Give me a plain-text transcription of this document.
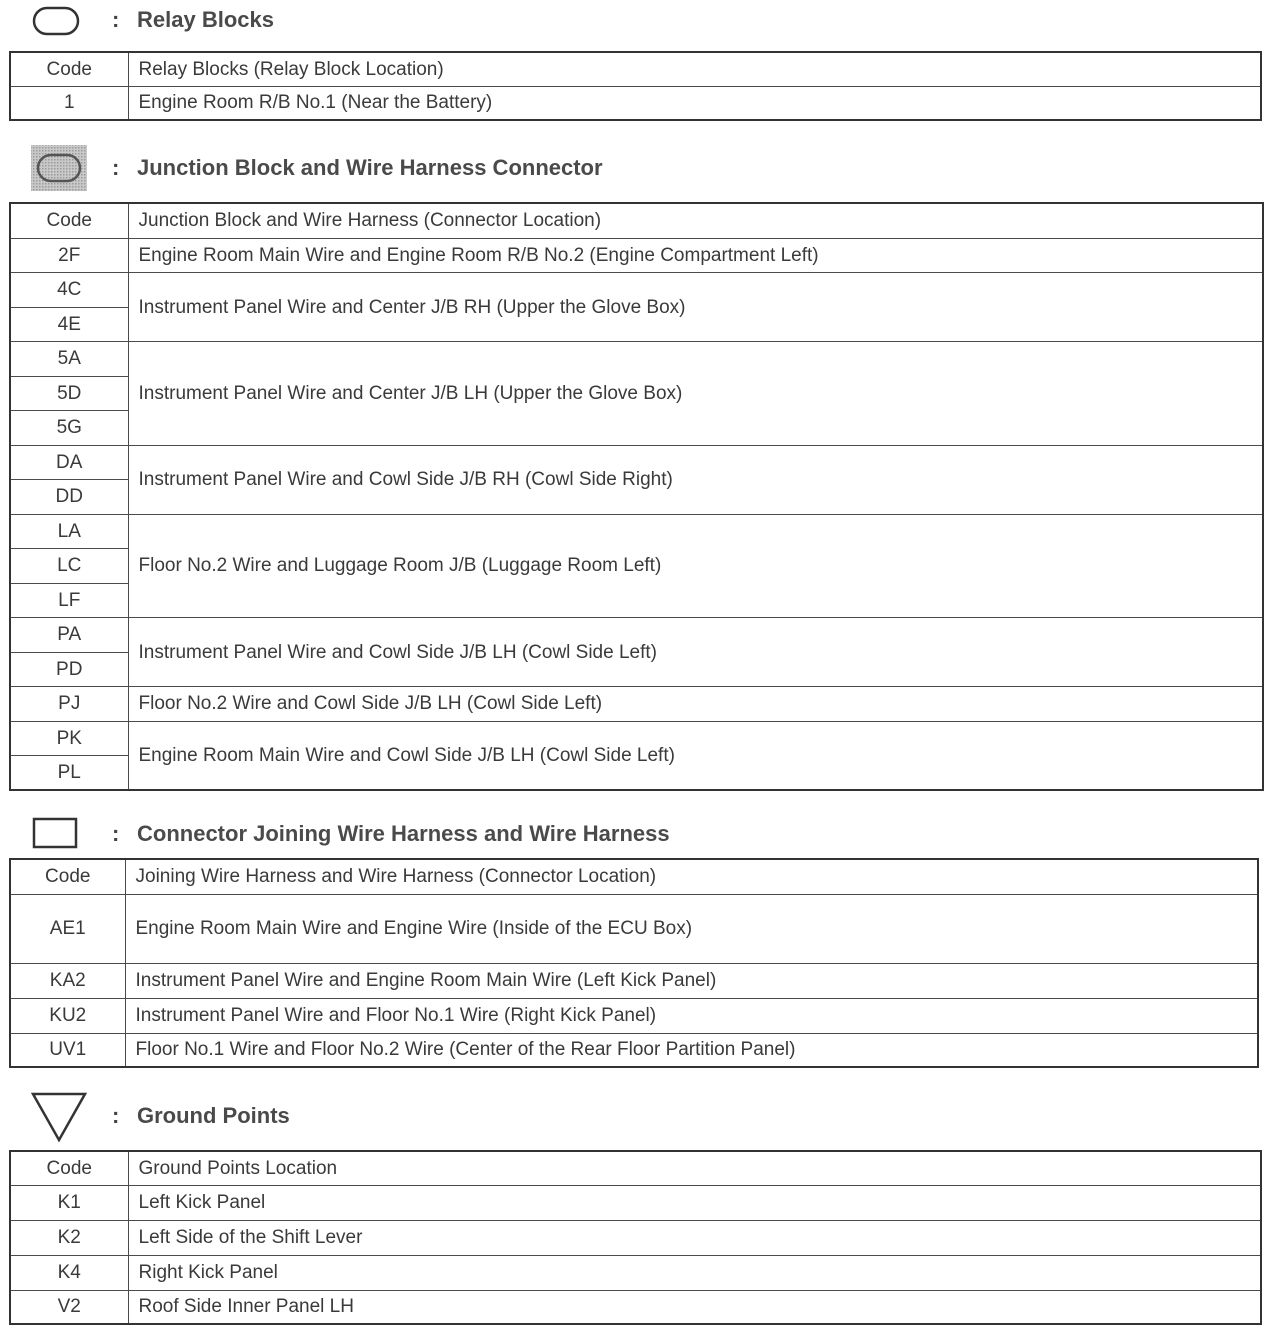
: Relay Blocks
Code	Relay Blocks (Relay Block Location)
1	Engine Room R/B No.1 (Near the Battery)
: Junction Block and Wire Harness Connector
Code	Junction Block and Wire Harness (Connector Location)
2F	Engine Room Main Wire and Engine Room R/B No.2 (Engine Compartment Left)
4C	Instrument Panel Wire and Center J/B RH (Upper the Glove Box)
4E	
5A	Instrument Panel Wire and Center J/B LH (Upper the Glove Box)
5D	
5G	
DA	Instrument Panel Wire and Cowl Side J/B RH (Cowl Side Right)
DD	
LA	Floor No.2 Wire and Luggage Room J/B (Luggage Room Left)
LC	
LF	
PA	Instrument Panel Wire and Cowl Side J/B LH (Cowl Side Left)
PD	
PJ	Floor No.2 Wire and Cowl Side J/B LH (Cowl Side Left)
PK	Engine Room Main Wire and Cowl Side J/B LH (Cowl Side Left)
PL	
: Connector Joining Wire Harness and Wire Harness
Code	Joining Wire Harness and Wire Harness (Connector Location)
AE1	Engine Room Main Wire and Engine Wire (Inside of the ECU Box)
KA2	Instrument Panel Wire and Engine Room Main Wire (Left Kick Panel)
KU2	Instrument Panel Wire and Floor No.1 Wire (Right Kick Panel)
UV1	Floor No.1 Wire and Floor No.2 Wire (Center of the Rear Floor Partition Panel)
: Ground Points
Code	Ground Points Location
K1	Left Kick Panel
K2	Left Side of the Shift Lever
K4	Right Kick Panel
V2	Roof Side Inner Panel LH
